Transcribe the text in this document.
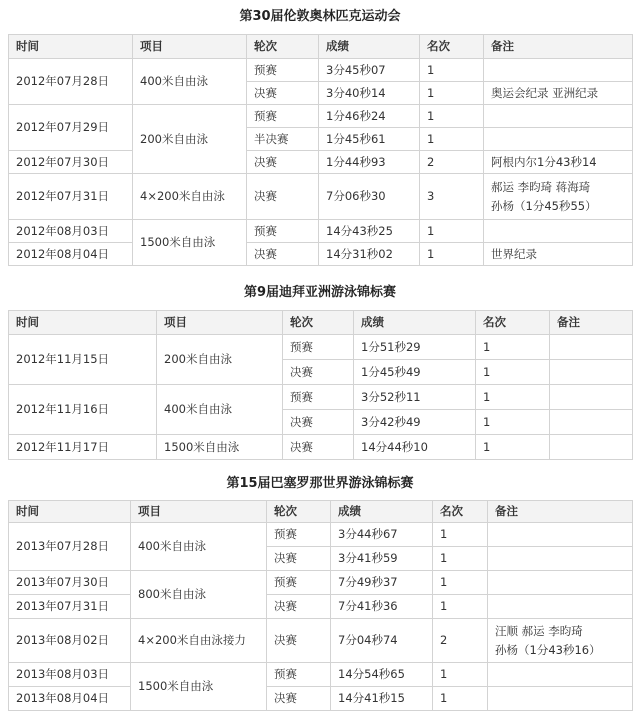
第30届伦敦奥林匹克运动会
时间	项目	轮次	成绩	名次	备注
2012年07月28日	400米自由泳	预赛	3分45秒07	1	
		决赛	3分40秒14	1	奥运会纪录 亚洲纪录
2012年07月29日	200米自由泳	预赛	1分46秒24	1	
		半决赛	1分45秒61	1	
2012年07月30日		决赛	1分44秒93	2	阿根内尔1分43秒14
2012年07月31日	4×200米自由泳	决赛	7分06秒30	3	郝运 李昀琦 蒋海琦
孙杨（1分45秒55）

2012年08月03日	1500米自由泳	预赛	14分43秒25	1	
2012年08月04日		决赛	14分31秒02	1	世界纪录
第9届迪拜亚洲游泳锦标赛
时间	项目	轮次	成绩	名次	备注
2012年11月15日	200米自由泳	预赛	1分51秒29	1	
		决赛	1分45秒49	1	
2012年11月16日	400米自由泳	预赛	3分52秒11	1	
		决赛	3分42秒49	1	
2012年11月17日	1500米自由泳	决赛	14分44秒10	1	
第15届巴塞罗那世界游泳锦标赛
时间	项目	轮次	成绩	名次	备注
2013年07月28日	400米自由泳	预赛	3分44秒67	1	
		决赛	3分41秒59	1	
2013年07月30日	800米自由泳	预赛	7分49秒37	1	
2013年07月31日		决赛	7分41秒36	1	
2013年08月02日	4×200米自由泳接力	决赛	7分04秒74	2	汪顺 郝运 李昀琦
孙杨（1分43秒16）

2013年08月03日	1500米自由泳	预赛	14分54秒65	1	
2013年08月04日		决赛	14分41秒15	1	
